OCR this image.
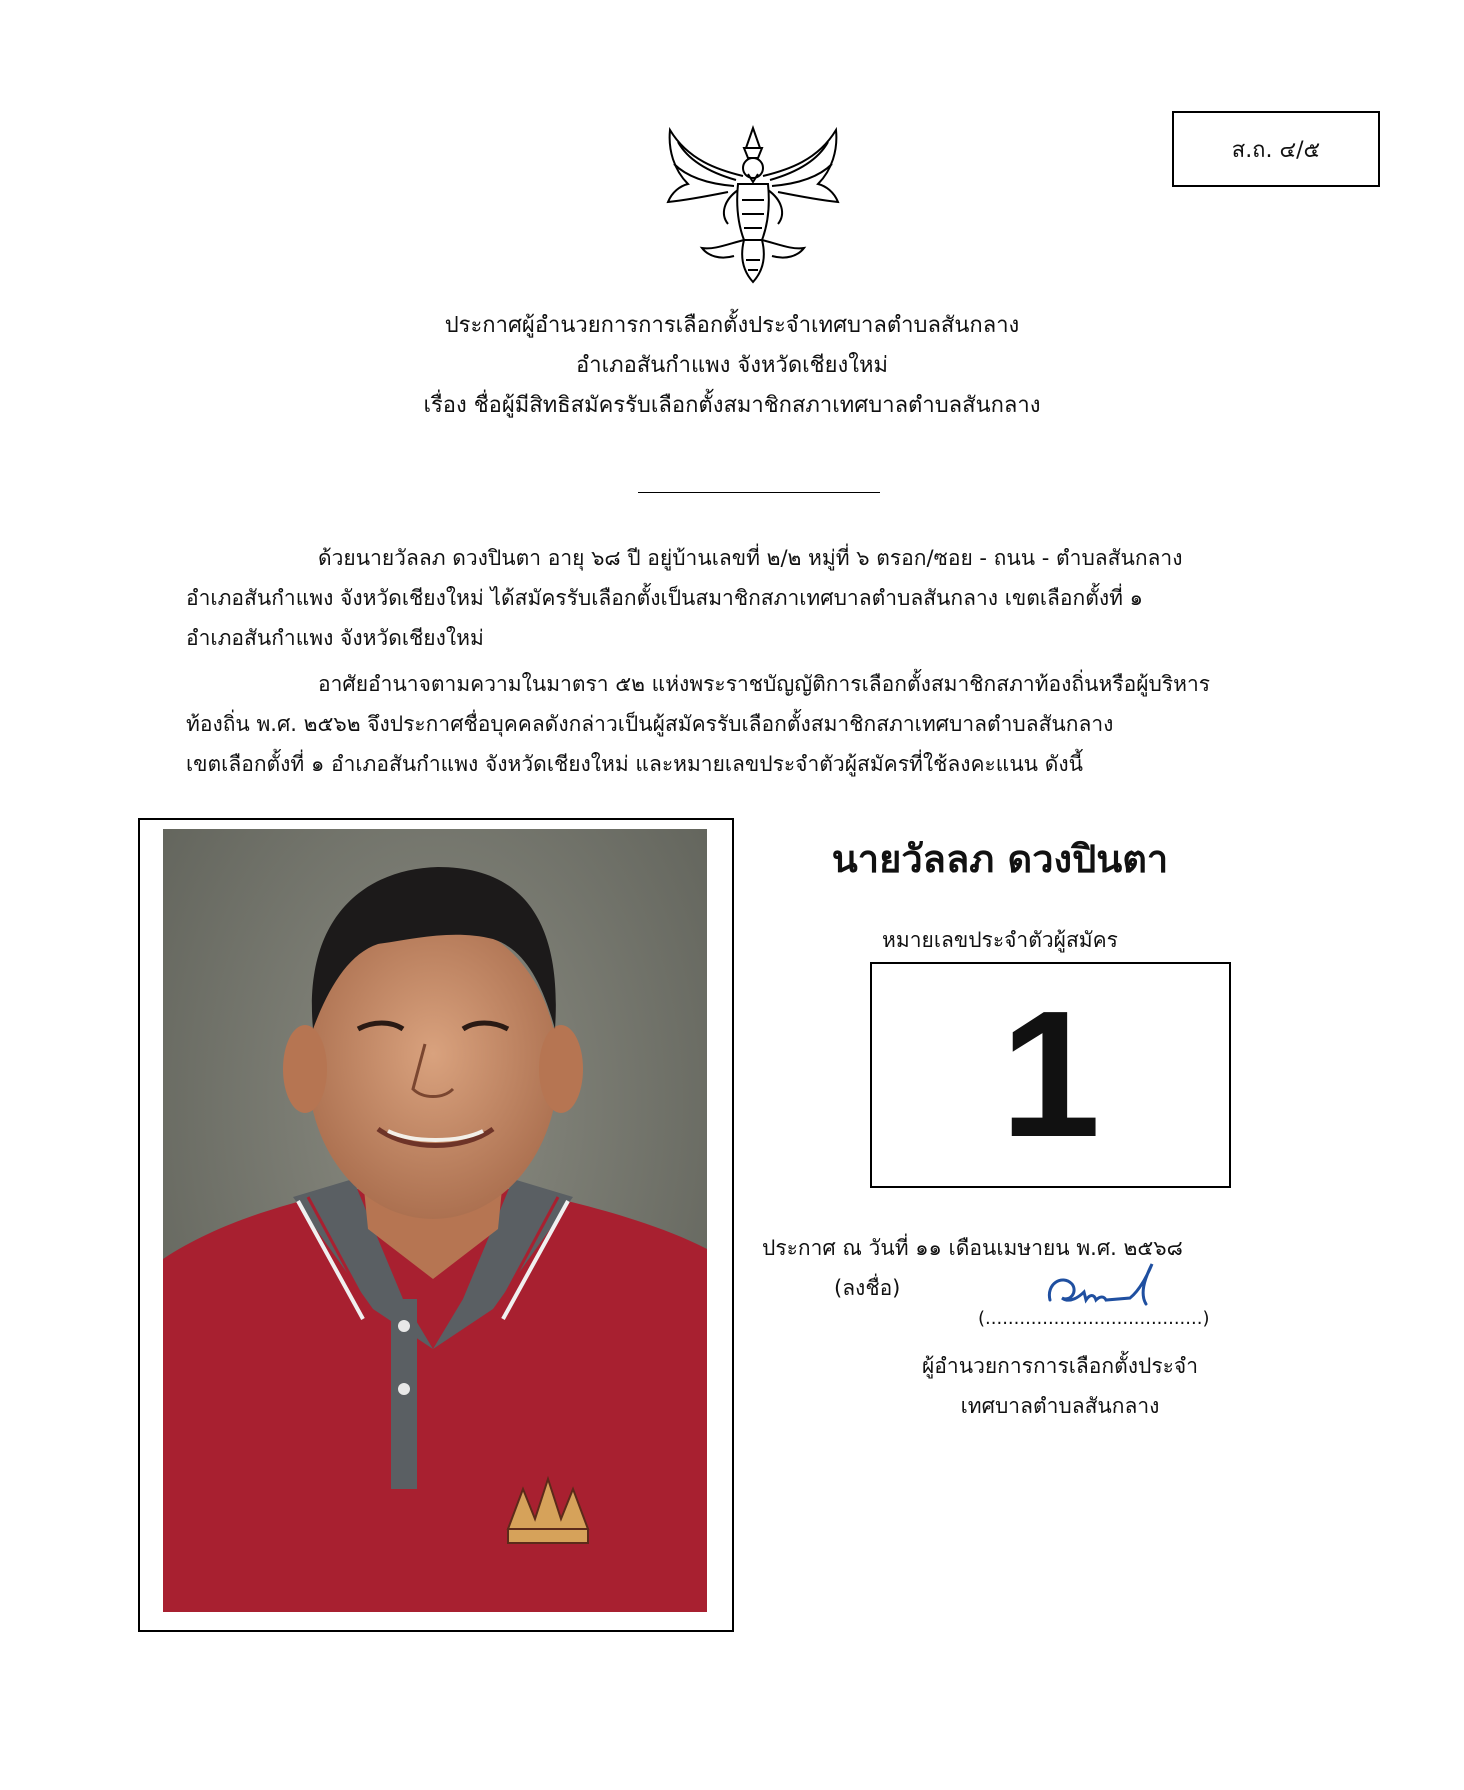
ส.ถ. ๔/๕
ประกาศผู้อำนวยการการเลือกตั้งประจำเทศบาลตำบลสันกลาง
อำเภอสันกำแพง จังหวัดเชียงใหม่
เรื่อง ชื่อผู้มีสิทธิสมัครรับเลือกตั้งสมาชิกสภาเทศบาลตำบลสันกลาง
ด้วยนายวัลลภ ดวงปินตา อายุ ๖๘ ปี อยู่บ้านเลขที่ ๒/๒ หมู่ที่ ๖ ตรอก/ซอย - ถนน - ตำบลสันกลาง
อำเภอสันกำแพง จังหวัดเชียงใหม่ ได้สมัครรับเลือกตั้งเป็นสมาชิกสภาเทศบาลตำบลสันกลาง เขตเลือกตั้งที่ ๑
อำเภอสันกำแพง จังหวัดเชียงใหม่
อาศัยอำนาจตามความในมาตรา ๕๒ แห่งพระราชบัญญัติการเลือกตั้งสมาชิกสภาท้องถิ่นหรือผู้บริหาร
ท้องถิ่น พ.ศ. ๒๕๖๒ จึงประกาศชื่อบุคคลดังกล่าวเป็นผู้สมัครรับเลือกตั้งสมาชิกสภาเทศบาลตำบลสันกลาง
เขตเลือกตั้งที่ ๑ อำเภอสันกำแพง จังหวัดเชียงใหม่ และหมายเลขประจำตัวผู้สมัครที่ใช้ลงคะแนน ดังนี้
นายวัลลภ ดวงปินตา
หมายเลขประจำตัวผู้สมัคร
1
ประกาศ ณ วันที่ ๑๑ เดือนเมษายน พ.ศ. ๒๕๖๘
(ลงชื่อ)
(......................................)
ผู้อำนวยการการเลือกตั้งประจำ
เทศบาลตำบลสันกลาง
